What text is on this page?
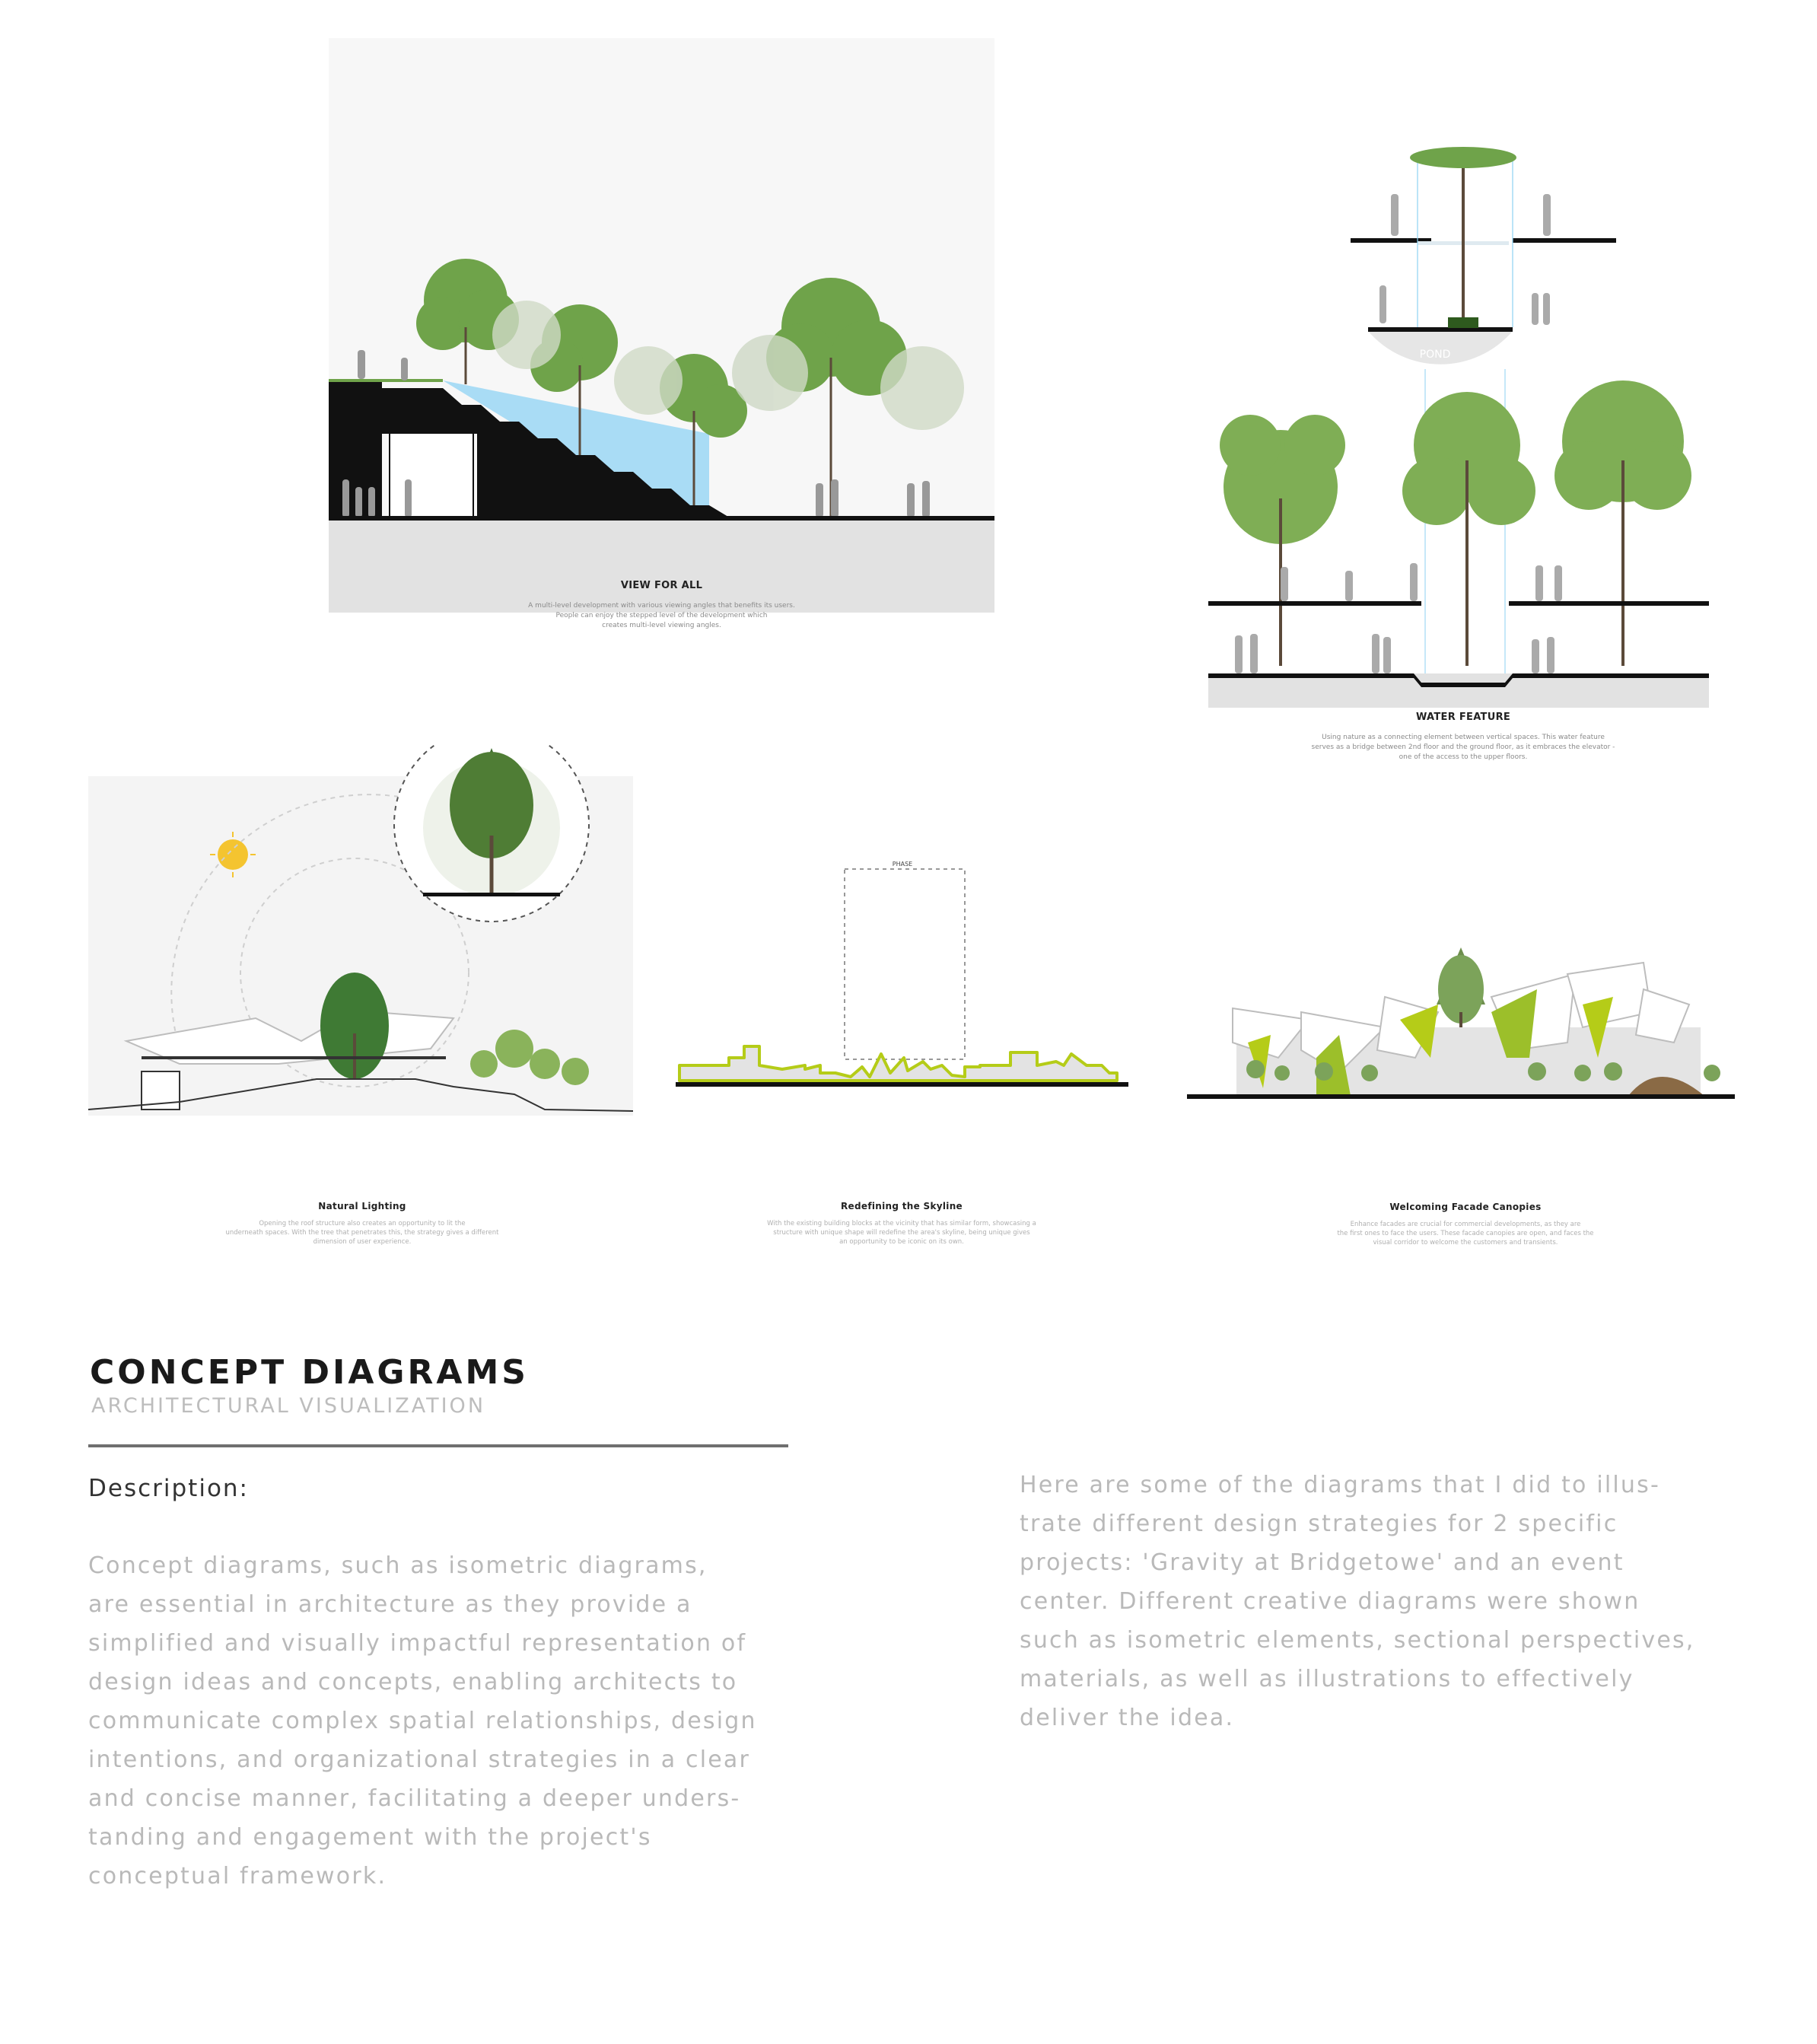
VIEW FOR ALL
A multi-level development with various viewing angles that benefits its users.
People can enjoy the stepped level of the development which
creates multi-level viewing angles.
POND
WATER FEATURE
Using nature as a connecting element between vertical spaces. This water feature
serves as a bridge between 2nd floor and the ground floor, as it embraces the elevator -
one of the access to the upper floors.
Natural Lighting
Opening the roof structure also creates an opportunity to lit the
underneath spaces. With the tree that penetrates this, the strategy gives a different
dimension of user experience.
PHASE
Redefining the Skyline
With the existing building blocks at the vicinity that has similar form, showcasing a
structure with unique shape will redefine the area's skyline, being unique gives
an opportunity to be iconic on its own.
Welcoming Facade Canopies
Enhance facades are crucial for commercial developments, as they are
the first ones to face the users. These facade canopies are open, and faces the
visual corridor to welcome the customers and transients.
CONCEPT DIAGRAMS
ARCHITECTURAL VISUALIZATION
Description:
Concept diagrams, such as isometric diagrams,
are essential in architecture as they provide a
simplified and visually impactful representation of
design ideas and concepts, enabling architects to
communicate complex spatial relationships, design
intentions, and organizational strategies in a clear
and concise manner, facilitating a deeper unders-
tanding and engagement with the project's
conceptual framework.
Here are some of the diagrams that I did to illus-
trate different design strategies for 2 specific
projects: 'Gravity at Bridgetowe' and an event
center. Different creative diagrams were shown
such as isometric elements, sectional perspectives,
materials, as well as illustrations to effectively
deliver the idea.
